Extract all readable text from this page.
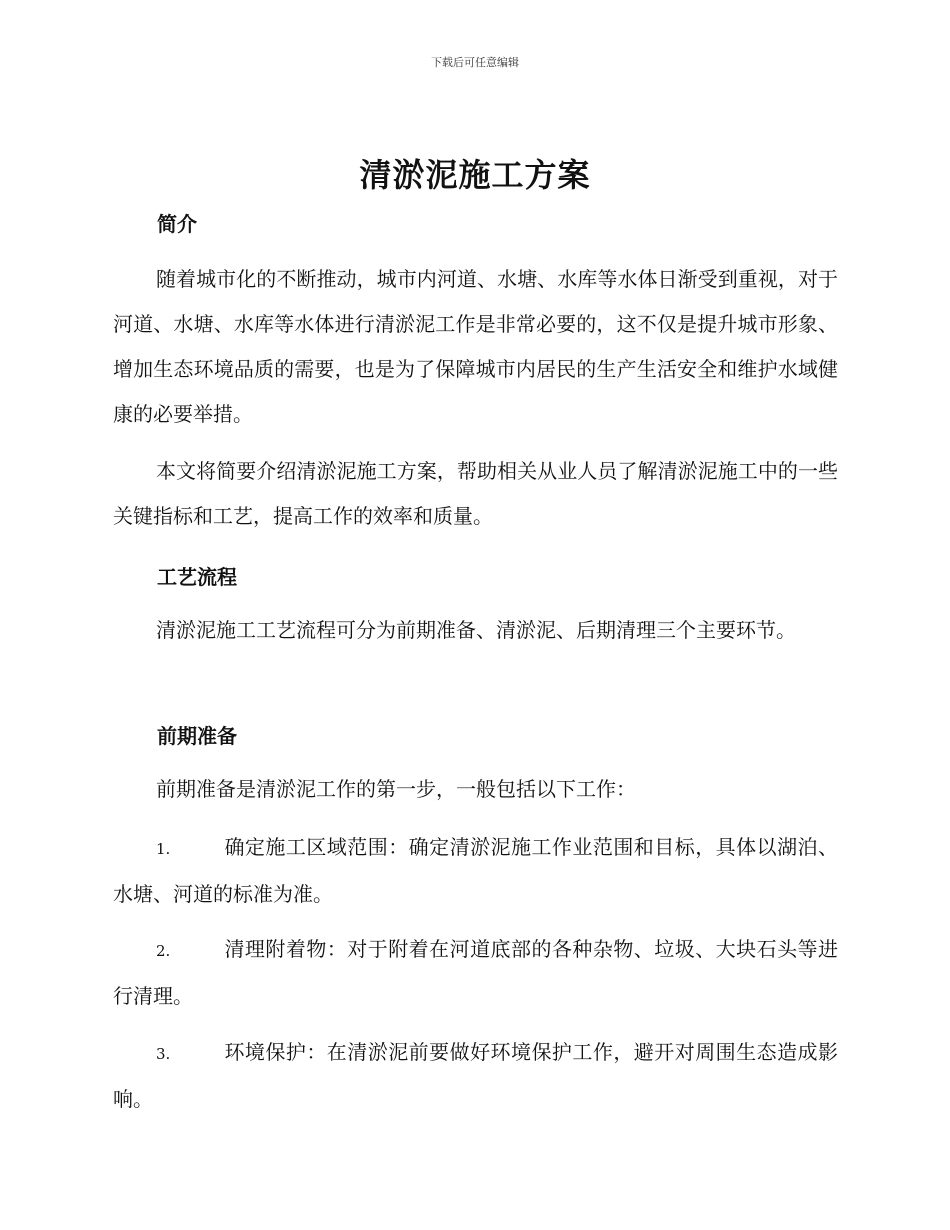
下载后可任意编辑
清淤泥施工方案
简介
随着城市化的不断推动，城市内河道、水塘、水库等水体日渐受到重视，对于河道、水塘、水库等水体进行清淤泥工作是非常必要的，这不仅是提升城市形象、增加生态环境品质的需要，也是为了保障城市内居民的生产生活安全和维护水域健康的必要举措。
本文将简要介绍清淤泥施工方案，帮助相关从业人员了解清淤泥施工中的一些关键指标和工艺，提高工作的效率和质量。
工艺流程
清淤泥施工工艺流程可分为前期准备、清淤泥、后期清理三个主要环节。
前期准备
前期准备是清淤泥工作的第一步，一般包括以下工作：
1.	确定施工区域范围：确定清淤泥施工作业范围和目标，具体以湖泊、水塘、河道的标准为准。
2.	清理附着物：对于附着在河道底部的各种杂物、垃圾、大块石头等进行清理。
3.	环境保护：在清淤泥前要做好环境保护工作，避开对周围生态造成影响。
